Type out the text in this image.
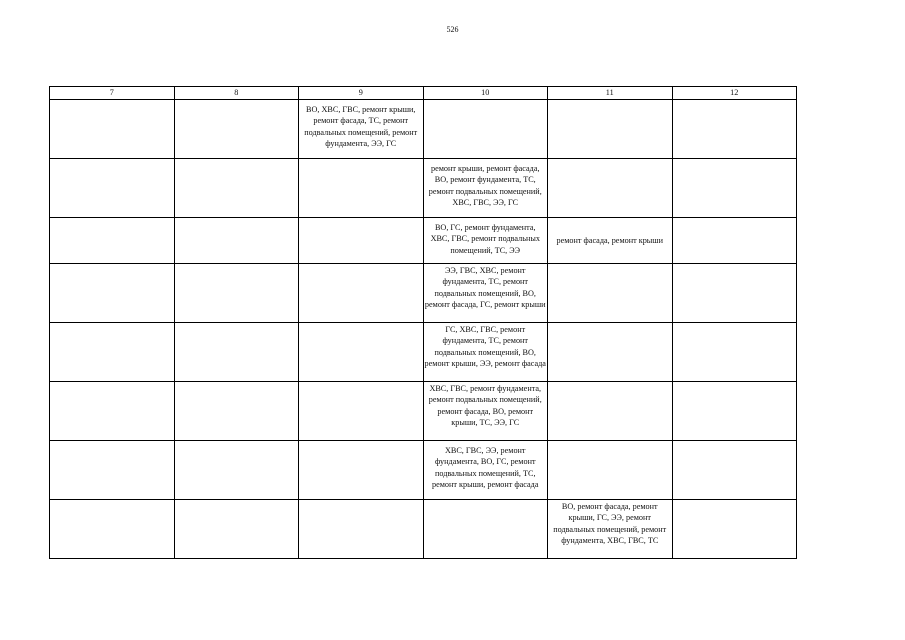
526
7	8	9	10	11	12
		ВО, ХВС, ГВС, ремонт крыши, ремонт фасада, ТС, ремонт подвальных помещений, ремонт фундамента, ЭЭ, ГС			
			ремонт крыши, ремонт фасада, ВО, ремонт фундамента, ТС, ремонт подвальных помещений, ХВС, ГВС, ЭЭ, ГС		
			ВО, ГС, ремонт фундамента, ХВС, ГВС, ремонт подвальных помещений, ТС, ЭЭ	ремонт фасада, ремонт крыши	
			ЭЭ, ГВС, ХВС, ремонт фундамента, ТС, ремонт подвальных помещений, ВО, ремонт фасада, ГС, ремонт крыши		
			ГС, ХВС, ГВС, ремонт фундамента, ТС, ремонт подвальных помещений, ВО, ремонт крыши, ЭЭ, ремонт фасада		
			ХВС, ГВС, ремонт фундамента, ремонт подвальных помещений, ремонт фасада, ВО, ремонт крыши, ТС, ЭЭ, ГС		
			ХВС, ГВС, ЭЭ, ремонт фундамента, ВО, ГС, ремонт подвальных помещений, ТС, ремонт крыши, ремонт фасада		
				ВО, ремонт фасада, ремонт крыши, ГС, ЭЭ, ремонт подвальных помещений, ремонт фундамента, ХВС, ГВС, ТС	
